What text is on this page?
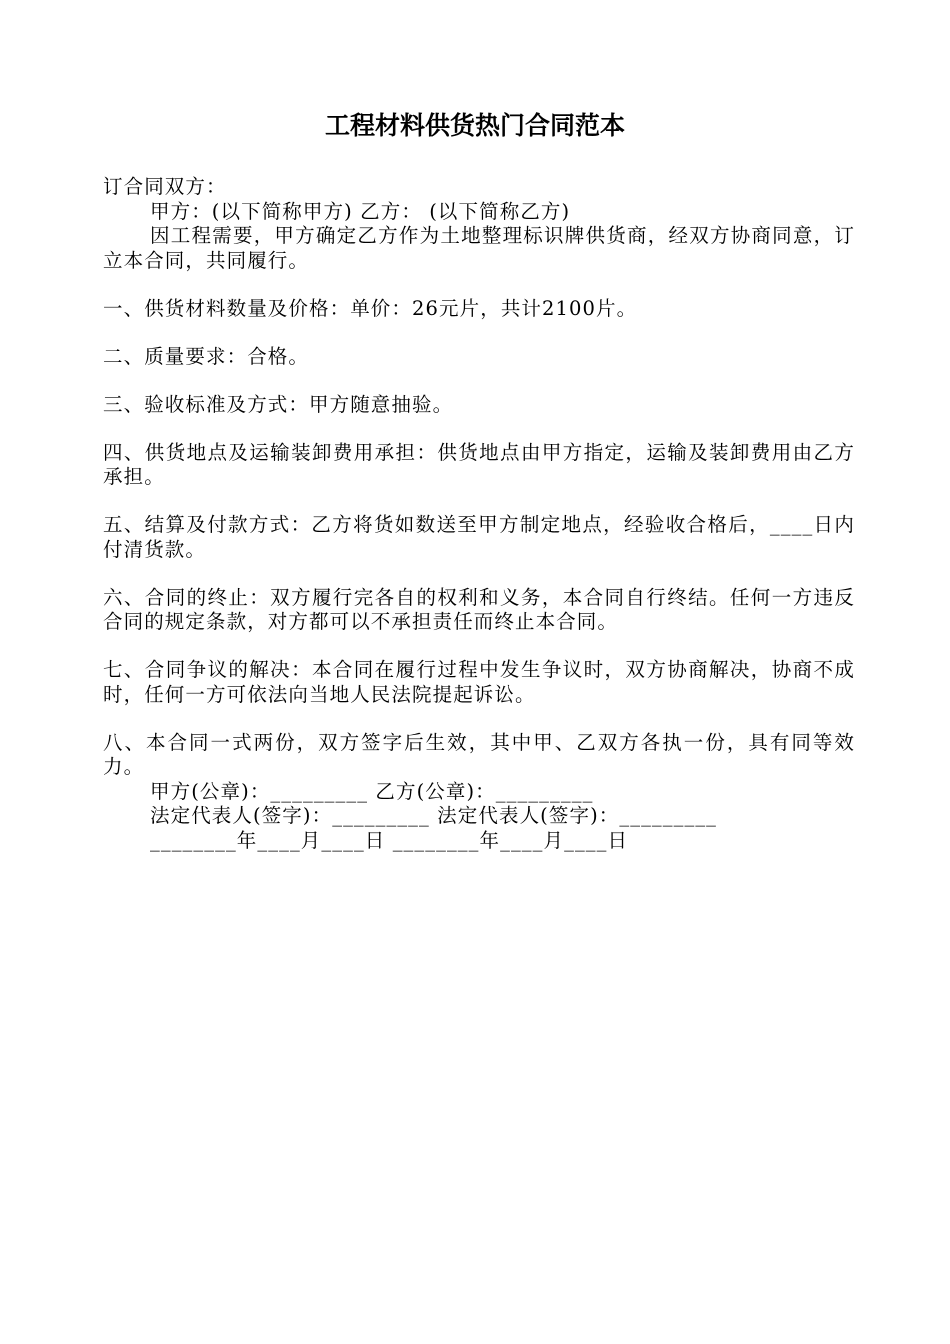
工程材料供货热门合同范本

订合同双方：

甲方：(以下简称甲方) 乙方： (以下简称乙方)

因工程需要，甲方确定乙方作为土地整理标识牌供货商，经双方协商同意，订立本合同，共同履行。

一、供货材料数量及价格：单价：26元片，共计2100片。

二、质量要求：合格。

三、验收标准及方式：甲方随意抽验。

四、供货地点及运输装卸费用承担：供货地点由甲方指定，运输及装卸费用由乙方承担。

五、结算及付款方式：乙方将货如数送至甲方制定地点，经验收合格后，____日内付清货款。

六、合同的终止：双方履行完各自的权利和义务，本合同自行终结。任何一方违反合同的规定条款，对方都可以不承担责任而终止本合同。

七、合同争议的解决：本合同在履行过程中发生争议时，双方协商解决，协商不成时，任何一方可依法向当地人民法院提起诉讼。

八、本合同一式两份，双方签字后生效，其中甲、乙双方各执一份，具有同等效力。

甲方(公章)：_________ 乙方(公章)：_________

法定代表人(签字)：_________ 法定代表人(签字)：_________

________年____月____日 ________年____月____日
